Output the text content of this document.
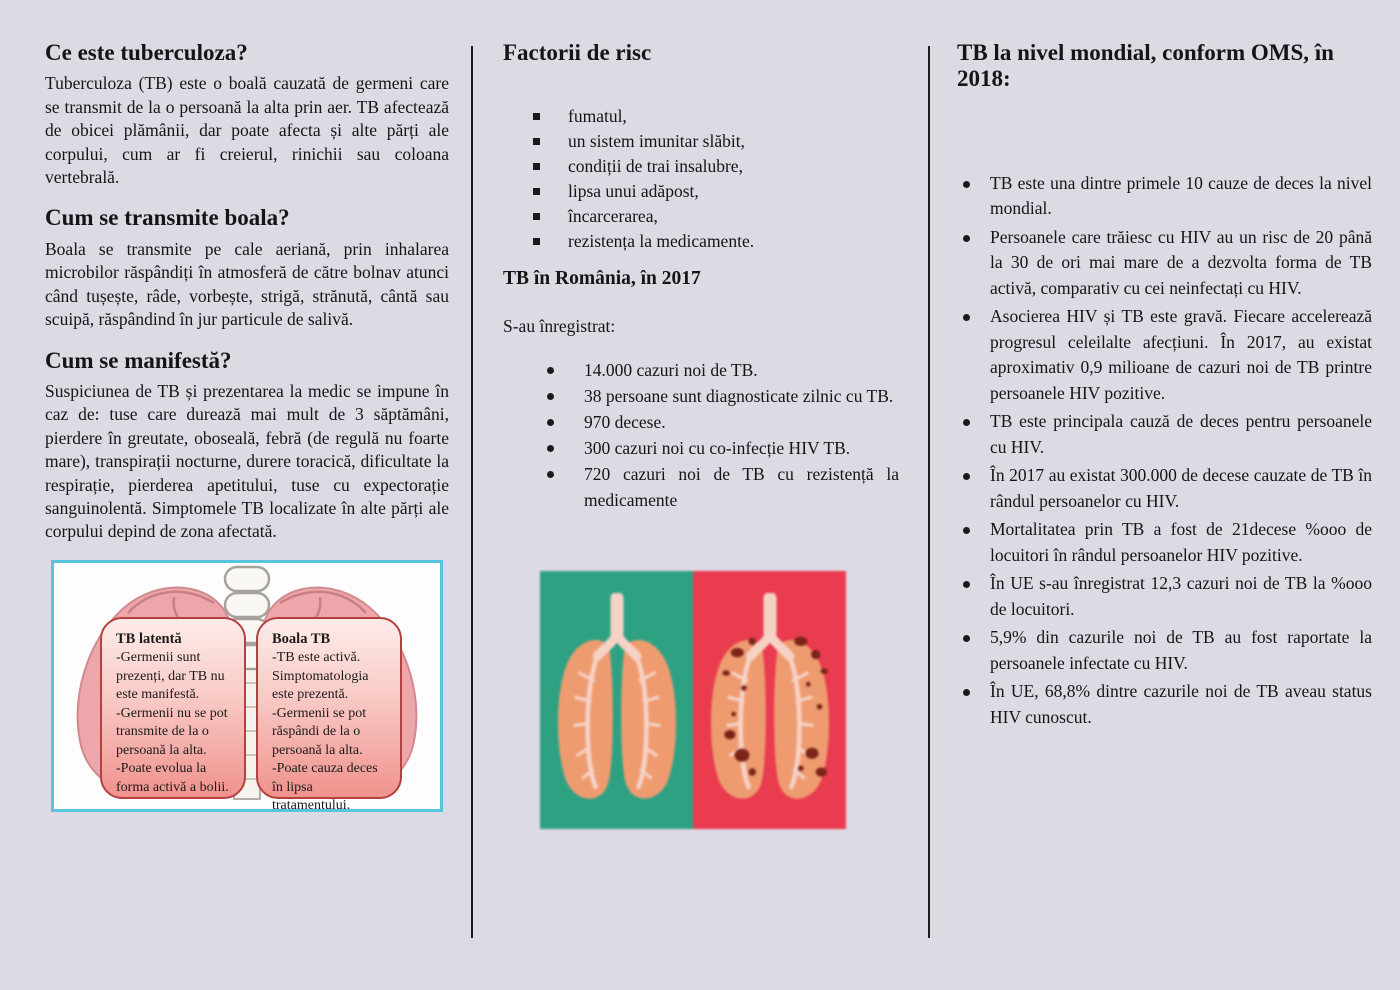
Ce este tuberculoza?

Tuberculoza (TB) este o boală cauzată de germeni care se transmit de la o persoană la alta prin aer. TB afectează de obicei plămânii, dar poate afecta și alte părți ale corpului, cum ar fi creierul, rinichii sau coloana vertebrală.

Cum se transmite boala?

Boala se transmite pe cale aeriană, prin inhalarea microbilor răspândiți în atmosferă de către bolnav atunci când tușește, râde, vorbește, strigă, strănută, cântă sau scuipă, răspândind în jur particule de salivă.

Cum se manifestă?

Suspiciunea de TB și prezentarea la medic se impune în caz de: tuse care durează mai mult de 3 săptămâni, pierdere în greutate, oboseală, febră (de regulă nu foarte mare), transpirații nocturne, durere toracică, dificultate la respirație, pierderea apetitului, tuse cu expectorație sanguinolentă. Simptomele TB localizate în alte părți ale corpului depind de zona afectată.

TB latentă
-Germenii sunt prezenți, dar TB nu este manifestă.
-Germenii nu se pot transmite de la o persoană la alta.
-Poate evolua la forma activă a bolii.
Boala TB
-TB este activă. Simptomatologia este prezentă.
-Germenii se pot răspândi de la o persoană la alta.
-Poate cauza deces în lipsa tratamentului.
Factorii de risc
fumatul,
un sistem imunitar slăbit,
condiții de trai insalubre,
lipsa unui adăpost,
încarcerarea,
rezistența la medicamente.
TB în România, în 2017
S-au înregistrat:
14.000 cazuri noi de TB.
38 persoane sunt diagnosticate zilnic cu TB.
970 decese.
300 cazuri noi cu co-infecție HIV TB.
720 cazuri noi de TB cu rezistență la medicamente
TB la nivel mondial, conform OMS, în 2018:
TB este una dintre primele 10 cauze de deces la nivel mondial.
Persoanele care trăiesc cu HIV au un risc de 20 până la 30 de ori mai mare de a dezvolta forma de TB activă, comparativ cu cei neinfectați cu HIV.
Asocierea HIV și TB este gravă. Fiecare accelerează progresul celeilalte afecțiuni. În 2017, au existat aproximativ 0,9 milioane de cazuri noi de TB printre persoanele HIV pozitive.
TB este principala cauză de deces pentru persoanele cu HIV.
În 2017 au existat 300.000 de decese cauzate de TB în rândul persoanelor cu HIV.
Mortalitatea prin TB a fost de 21decese %ooo de locuitori în rândul persoanelor HIV pozitive.
În UE s-au înregistrat 12,3 cazuri noi de TB la %ooo de locuitori.
5,9% din cazurile noi de TB au fost raportate la persoanele infectate cu HIV.
În UE, 68,8% dintre cazurile noi de TB aveau status HIV cunoscut.
